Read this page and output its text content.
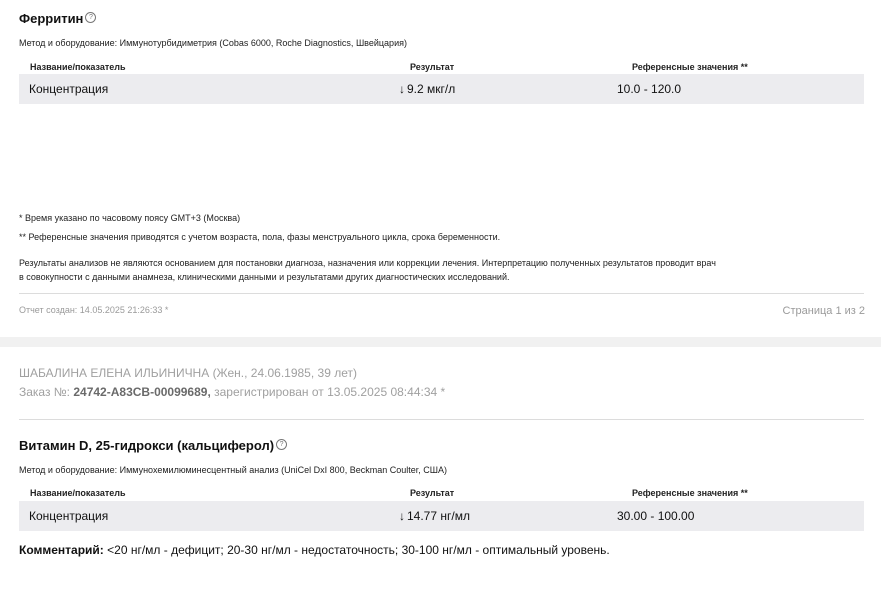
Ферритин ?
Метод и оборудование: Иммунотурбидиметрия (Cobas 6000, Roche Diagnostics, Швейцария)
Название/показатель	Результат	Референсные значения **
Концентрация	↓ 9.2 мкг/л	10.0 - 120.0
* Время указано по часовому поясу GMT+3 (Москва)
** Референсные значения приводятся с учетом возраста, пола, фазы менструального цикла, срока беременности.
Результаты анализов не являются основанием для постановки диагноза, назначения или коррекции лечения. Интерпретацию полученных результатов проводит врач
в совокупности с данными анамнеза, клиническими данными и результатами других диагностических исследований.
Отчет создан: 14.05.2025 21:26:33 *	Страница 1 из 2
ШАБАЛИНА ЕЛЕНА ИЛЬИНИЧНА (Жен., 24.06.1985, 39 лет)
Заказ №: 24742-A83CB-00099689, зарегистрирован от 13.05.2025 08:44:34 *
Витамин D, 25-гидрокси (кальциферол) ?
Метод и оборудование: Иммунохемилюминесцентный анализ (UniCel DxI 800, Beckman Coulter, США)
Название/показатель	Результат	Референсные значения **
Концентрация	↓ 14.77 нг/мл	30.00 - 100.00
Комментарий: <20 нг/мл - дефицит; 20-30 нг/мл - недостаточность; 30-100 нг/мл - оптимальный уровень.
